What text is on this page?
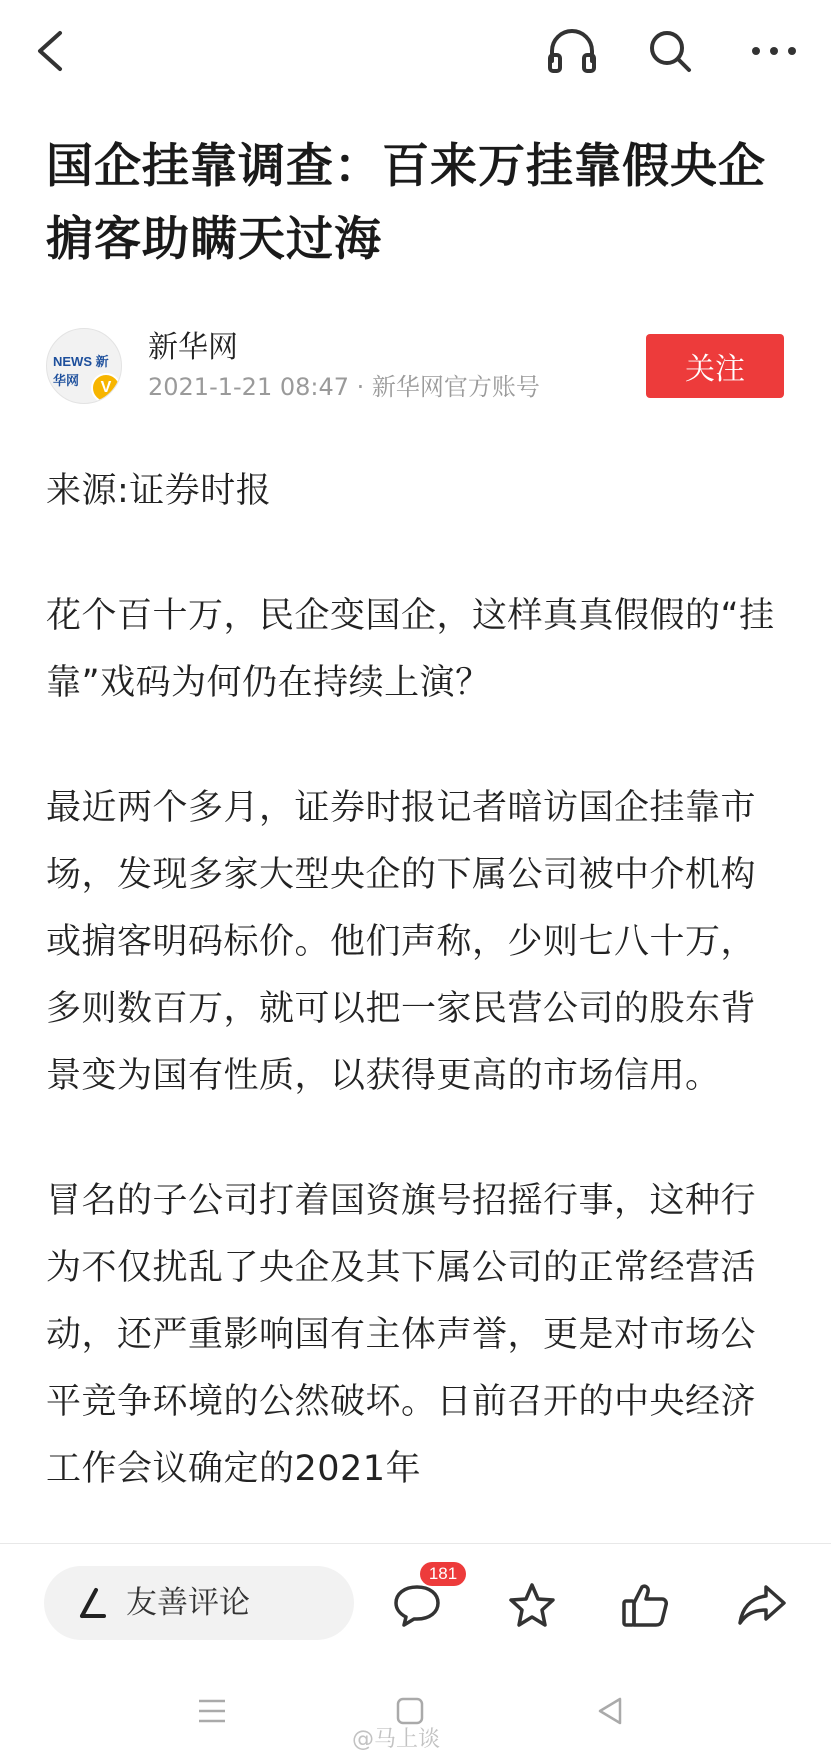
国企挂靠调查：百来万挂靠假央企 掮客助瞒天过海
NEWS 新华网	V
新华网
2021-1-21 08:47 · 新华网官方账号	关注

来源:证券时报

花个百十万，民企变国企，这样真真假假的“挂靠”戏码为何仍在持续上演？

最近两个多月，证券时报记者暗访国企挂靠市场，发现多家大型央企的下属公司被中介机构或掮客明码标价。他们声称，少则七八十万，多则数百万，就可以把一家民营公司的股东背景变为国有性质，以获得更高的市场信用。

冒名的子公司打着国资旗号招摇行事，这种行为不仅扰乱了央企及其下属公司的正常经营活动，还严重影响国有主体声誉，更是对市场公平竞争环境的公然破坏。日前召开的中央经济工作会议确定的2021年

友善评论
181
@马上谈
